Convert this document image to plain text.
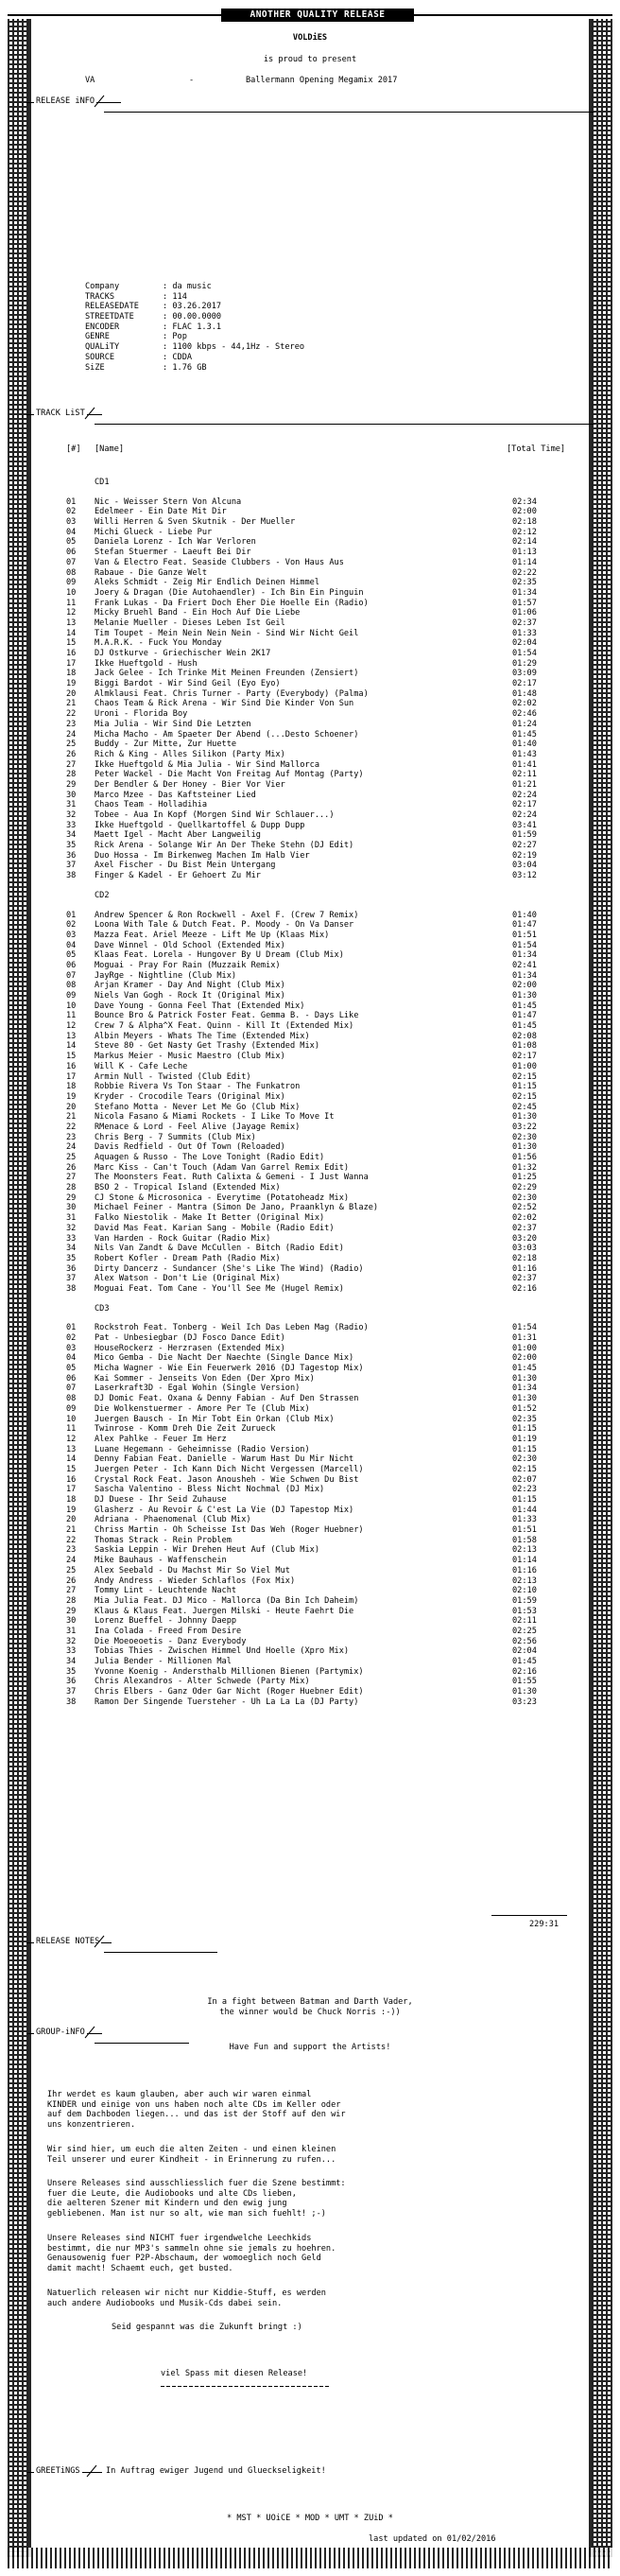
ANOTHER QUALITY RELEASE
VOLDiES
is proud to present
VA	-	Ballermann Opening Megamix 2017
RELEASE iNFO
Company	: da music
TRACKS	: 114
RELEASEDATE	: 03.26.2017
STREETDATE	: 00.00.0000
ENCODER	: FLAC 1.3.1
GENRE	: Pop
QUALiTY	: 1100 kbps - 44,1Hz - Stereo
SOURCE	: CDDA
SiZE	: 1.76 GB
TRACK LiST
[#] [Name]	[Total Time]
CD1
01	Nic - Weisser Stern Von Alcuna	02:34
02	Edelmeer - Ein Date Mit Dir	02:00
03	Willi Herren & Sven Skutnik - Der Mueller	02:18
04	Michi Glueck - Liebe Pur	02:12
05	Daniela Lorenz - Ich War Verloren	02:14
06	Stefan Stuermer - Laeuft Bei Dir	01:13
07	Van & Electro Feat. Seaside Clubbers - Von Haus Aus	01:14
08	Rabaue - Die Ganze Welt	02:22
09	Aleks Schmidt - Zeig Mir Endlich Deinen Himmel	02:35
10	Joery & Dragan (Die Autohaendler) - Ich Bin Ein Pinguin	01:34
11	Frank Lukas - Da Friert Doch Eher Die Hoelle Ein (Radio)	01:57
12	Micky Bruehl Band - Ein Hoch Auf Die Liebe	01:06
13	Melanie Mueller - Dieses Leben Ist Geil	02:37
14	Tim Toupet - Mein Nein Nein Nein - Sind Wir Nicht Geil	01:33
15	M.A.R.K. - Fuck You Monday	02:04
16	DJ Ostkurve - Griechischer Wein 2K17	01:54
17	Ikke Hueftgold - Hush	01:29
18	Jack Gelee - Ich Trinke Mit Meinen Freunden (Zensiert)	03:09
19	Biggi Bardot - Wir Sind Geil (Eyo Eyo)	02:17
20	Almklausi Feat. Chris Turner - Party (Everybody) (Palma)	01:48
21	Chaos Team & Rick Arena - Wir Sind Die Kinder Von Sun	02:02
22	Uroni - Florida Boy	02:46
23	Mia Julia - Wir Sind Die Letzten	01:24
24	Micha Macho - Am Spaeter Der Abend (...Desto Schoener)	01:45
25	Buddy - Zur Mitte, Zur Huette	01:40
26	Rich & King - Alles Silikon (Party Mix)	01:43
27	Ikke Hueftgold & Mia Julia - Wir Sind Mallorca	01:41
28	Peter Wackel - Die Macht Von Freitag Auf Montag (Party)	02:11
29	Der Bendler & Der Honey - Bier Vor Vier	01:21
30	Marco Mzee - Das Kaftsteiner Lied	02:24
31	Chaos Team - Holladihia	02:17
32	Tobee - Aua In Kopf (Morgen Sind Wir Schlauer...)	02:24
33	Ikke Hueftgold - Quellkartoffel & Dupp Dupp	03:41
34	Maett Igel - Macht Aber Langweilig	01:59
35	Rick Arena - Solange Wir An Der Theke Stehn (DJ Edit)	02:27
36	Duo Hossa - Im Birkenweg Machen Im Halb Vier	02:19
37	Axel Fischer - Du Bist Mein Untergang	03:04
38	Finger & Kadel - Er Gehoert Zu Mir	03:12
CD2
01	Andrew Spencer & Ron Rockwell - Axel F. (Crew 7 Remix)	01:40
02	Loona With Tale & Dutch Feat. P. Moody - On Va Danser	01:47
03	Mazza Feat. Ariel Meeze - Lift Me Up (Klaas Mix)	01:51
04	Dave Winnel - Old School (Extended Mix)	01:54
05	Klaas Feat. Lorela - Hungover By U Dream (Club Mix)	01:34
06	Moguai - Pray For Rain (Muzzaik Remix)	02:41
07	JayRge - Nightline (Club Mix)	01:34
08	Arjan Kramer - Day And Night (Club Mix)	02:00
09	Niels Van Gogh - Rock It (Original Mix)	01:30
10	Dave Young - Gonna Feel That (Extended Mix)	01:45
11	Bounce Bro & Patrick Foster Feat. Gemma B. - Days Like	01:47
12	Crew 7 & Alpha^X Feat. Quinn - Kill It (Extended Mix)	01:45
13	Albin Meyers - Whats The Time (Extended Mix)	02:08
14	Steve 80 - Get Nasty Get Trashy (Extended Mix)	01:08
15	Markus Meier - Music Maestro (Club Mix)	02:17
16	Will K - Cafe Leche	01:00
17	Armin Null - Twisted (Club Edit)	02:15
18	Robbie Rivera Vs Ton Staar - The Funkatron	01:15
19	Kryder - Crocodile Tears (Original Mix)	02:15
20	Stefano Motta - Never Let Me Go (Club Mix)	02:45
21	Nicola Fasano & Miami Rockets - I Like To Move It	01:30
22	RMenace & Lord - Feel Alive (Jayage Remix)	03:22
23	Chris Berg - 7 Summits (Club Mix)	02:30
24	Davis Redfield - Out Of Town (Reloaded)	01:30
25	Aquagen & Russo - The Love Tonight (Radio Edit)	01:56
26	Marc Kiss - Can't Touch (Adam Van Garrel Remix Edit)	01:32
27	The Moonsters Feat. Ruth Calixta & Gemeni - I Just Wanna	01:25
28	BSO 2 - Tropical Island (Extended Mix)	02:29
29	CJ Stone & Microsonica - Everytime (Potatoheadz Mix)	02:30
30	Michael Feiner - Mantra (Simon De Jano, Praanklyn & Blaze)	02:52
31	Falko Niestolik - Make It Better (Original Mix)	02:02
32	David Mas Feat. Karian Sang - Mobile (Radio Edit)	02:37
33	Van Harden - Rock Guitar (Radio Mix)	03:20
34	Nils Van Zandt & Dave McCullen - Bitch (Radio Edit)	03:03
35	Robert Kofler - Dream Path (Radio Mix)	02:18
36	Dirty Dancerz - Sundancer (She's Like The Wind) (Radio)	01:16
37	Alex Watson - Don't Lie (Original Mix)	02:37
38	Moguai Feat. Tom Cane - You'll See Me (Hugel Remix)	02:16
CD3
01	Rockstroh Feat. Tonberg - Weil Ich Das Leben Mag (Radio)	01:54
02	Pat - Unbesiegbar (DJ Fosco Dance Edit)	01:31
03	HouseRockerz - Herzrasen (Extended Mix)	01:00
04	Mico Gemba - Die Nacht Der Naechte (Single Dance Mix)	02:00
05	Micha Wagner - Wie Ein Feuerwerk 2016 (DJ Tagestop Mix)	01:45
06	Kai Sommer - Jenseits Von Eden (Der Xpro Mix)	01:30
07	Laserkraft3D - Egal Wohin (Single Version)	01:34
08	DJ Domic Feat. Oxana & Denny Fabian - Auf Den Strassen	01:30
09	Die Wolkenstuermer - Amore Per Te (Club Mix)	01:52
10	Juergen Bausch - In Mir Tobt Ein Orkan (Club Mix)	02:35
11	Twinrose - Komm Dreh Die Zeit Zurueck	01:15
12	Alex Pahlke - Feuer Im Herz	01:19
13	Luane Hegemann - Geheimnisse (Radio Version)	01:15
14	Denny Fabian Feat. Danielle - Warum Hast Du Mir Nicht	02:30
15	Juergen Peter - Ich Kann Dich Nicht Vergessen (Marcell)	02:15
16	Crystal Rock Feat. Jason Anousheh - Wie Schwen Du Bist	02:07
17	Sascha Valentino - Bless Nicht Nochmal (DJ Mix)	02:23
18	DJ Duese - Ihr Seid Zuhause	01:15
19	Glasherz - Au Revoir & C'est La Vie (DJ Tapestop Mix)	01:44
20	Adriana - Phaenomenal (Club Mix)	01:33
21	Chriss Martin - Oh Scheisse Ist Das Weh (Roger Huebner)	01:51
22	Thomas Strack - Rein Problem	01:58
23	Saskia Leppin - Wir Drehen Heut Auf (Club Mix)	02:13
24	Mike Bauhaus - Waffenschein	01:14
25	Alex Seebald - Du Machst Mir So Viel Mut	01:16
26	Andy Andress - Wieder Schlaflos (Fox Mix)	02:13
27	Tommy Lint - Leuchtende Nacht	02:10
28	Mia Julia Feat. DJ Mico - Mallorca (Da Bin Ich Daheim)	01:59
29	Klaus & Klaus Feat. Juergen Milski - Heute Faehrt Die	01:53
30	Lorenz Bueffel - Johnny Daepp	02:11
31	Ina Colada - Freed From Desire	02:25
32	Die Moeoeoetis - Danz Everybody	02:56
33	Tobias Thies - Zwischen Himmel Und Hoelle (Xpro Mix)	02:04
34	Julia Bender - Millionen Mal	01:45
35	Yvonne Koenig - Andersthalb Millionen Bienen (Partymix)	02:16
36	Chris Alexandros - Alter Schwede (Party Mix)	01:55
37	Chris Elbers - Ganz Oder Gar Nicht (Roger Huebner Edit)	01:30
38	Ramon Der Singende Tuersteher - Uh La La La (DJ Party)	03:23
229:31
RELEASE NOTES
In a fight between Batman and Darth Vader,
the winner would be Chuck Norris :-))
GROUP-iNFO
Have Fun and support the Artists!
Ihr werdet es kaum glauben, aber auch wir waren einmal
KINDER und einige von uns haben noch alte CDs im Keller oder
auf dem Dachboden liegen... und das ist der Stoff auf den wir
uns konzentrieren.
Wir sind hier, um euch die alten Zeiten - und einen kleinen
Teil unserer und eurer Kindheit - in Erinnerung zu rufen...
Unsere Releases sind ausschliesslich fuer die Szene bestimmt:
fuer die Leute, die Audiobooks und alte CDs lieben,
die aelteren Szener mit Kindern und den ewig jung
gebliebenen. Man ist nur so alt, wie man sich fuehlt! ;-)
Unsere Releases sind NICHT fuer irgendwelche Leechkids
bestimmt, die nur MP3's sammeln ohne sie jemals zu hoehren.
Genausowenig fuer P2P-Abschaum, der womoeglich noch Geld
damit macht! Schaemt euch, get busted.
Natuerlich releasen wir nicht nur Kiddie-Stuff, es werden
auch andere Audiobooks und Musik-Cds dabei sein.
Seid gespannt was die Zukunft bringt :)
viel Spass mit diesen Release!
GREETiNGS	In Auftrag ewiger Jugend und Glueckseligkeit!
* MST * UOiCE * MOD * UMT * ZUiD *
last updated on 01/02/2016
